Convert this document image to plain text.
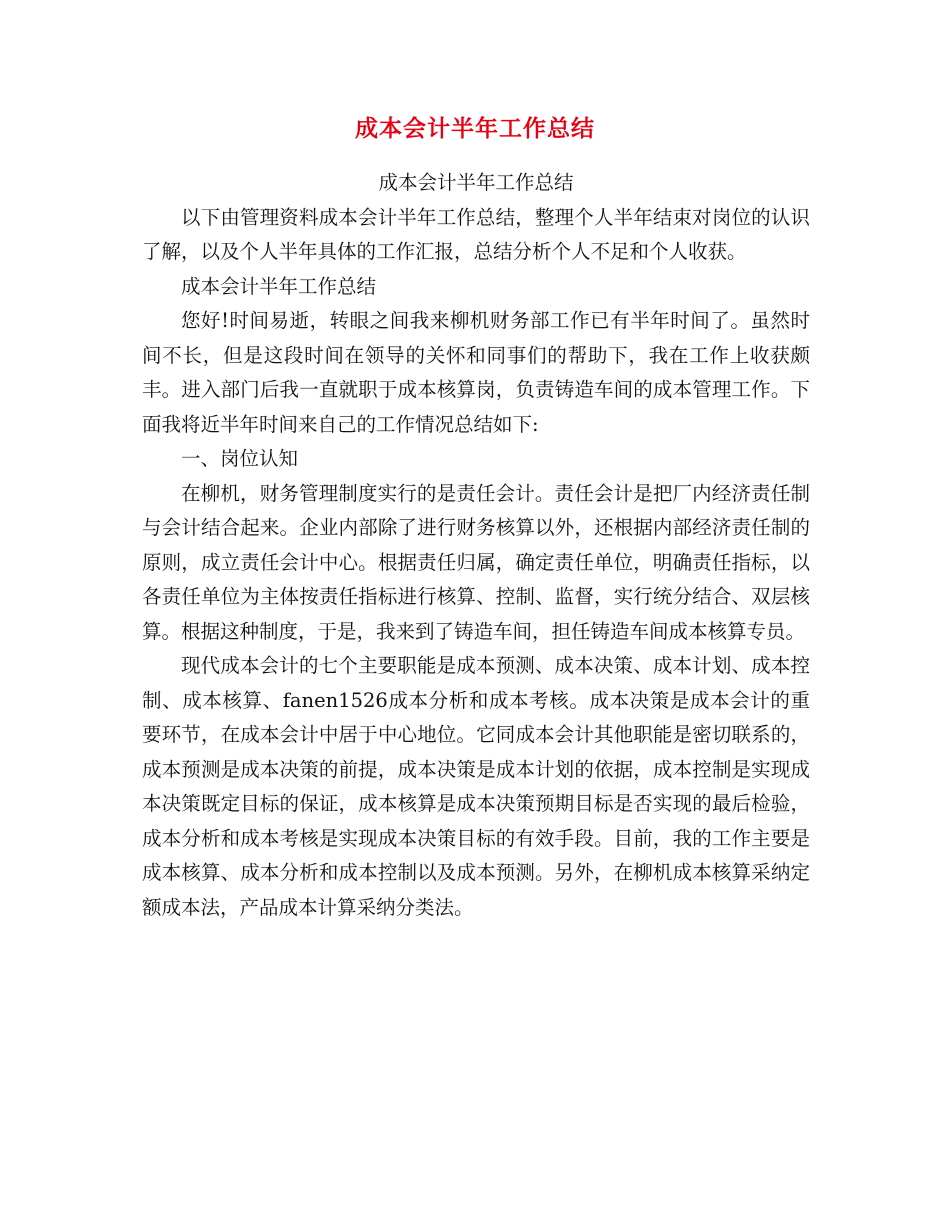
成本会计半年工作总结

成本会计半年工作总结

以下由管理资料成本会计半年工作总结，整理个人半年结束对岗位的认识了解，以及个人半年具体的工作汇报，总结分析个人不足和个人收获。

成本会计半年工作总结

您好!时间易逝，转眼之间我来柳机财务部工作已有半年时间了。虽然时间不长，但是这段时间在领导的关怀和同事们的帮助下，我在工作上收获颇丰。进入部门后我一直就职于成本核算岗，负责铸造车间的成本管理工作。下面我将近半年时间来自己的工作情况总结如下:

一、岗位认知

在柳机，财务管理制度实行的是责任会计。责任会计是把厂内经济责任制与会计结合起来。企业内部除了进行财务核算以外，还根据内部经济责任制的原则，成立责任会计中心。根据责任归属，确定责任单位，明确责任指标，以各责任单位为主体按责任指标进行核算、控制、监督，实行统分结合、双层核算。根据这种制度，于是，我来到了铸造车间，担任铸造车间成本核算专员。

现代成本会计的七个主要职能是成本预测、成本决策、成本计划、成本控制、成本核算、fanen1526成本分析和成本考核。成本决策是成本会计的重要环节，在成本会计中居于中心地位。它同成本会计其他职能是密切联系的，成本预测是成本决策的前提，成本决策是成本计划的依据，成本控制是实现成本决策既定目标的保证，成本核算是成本决策预期目标是否实现的最后检验，成本分析和成本考核是实现成本决策目标的有效手段。目前，我的工作主要是成本核算、成本分析和成本控制以及成本预测。另外，在柳机成本核算采纳定额成本法，产品成本计算采纳分类法。
